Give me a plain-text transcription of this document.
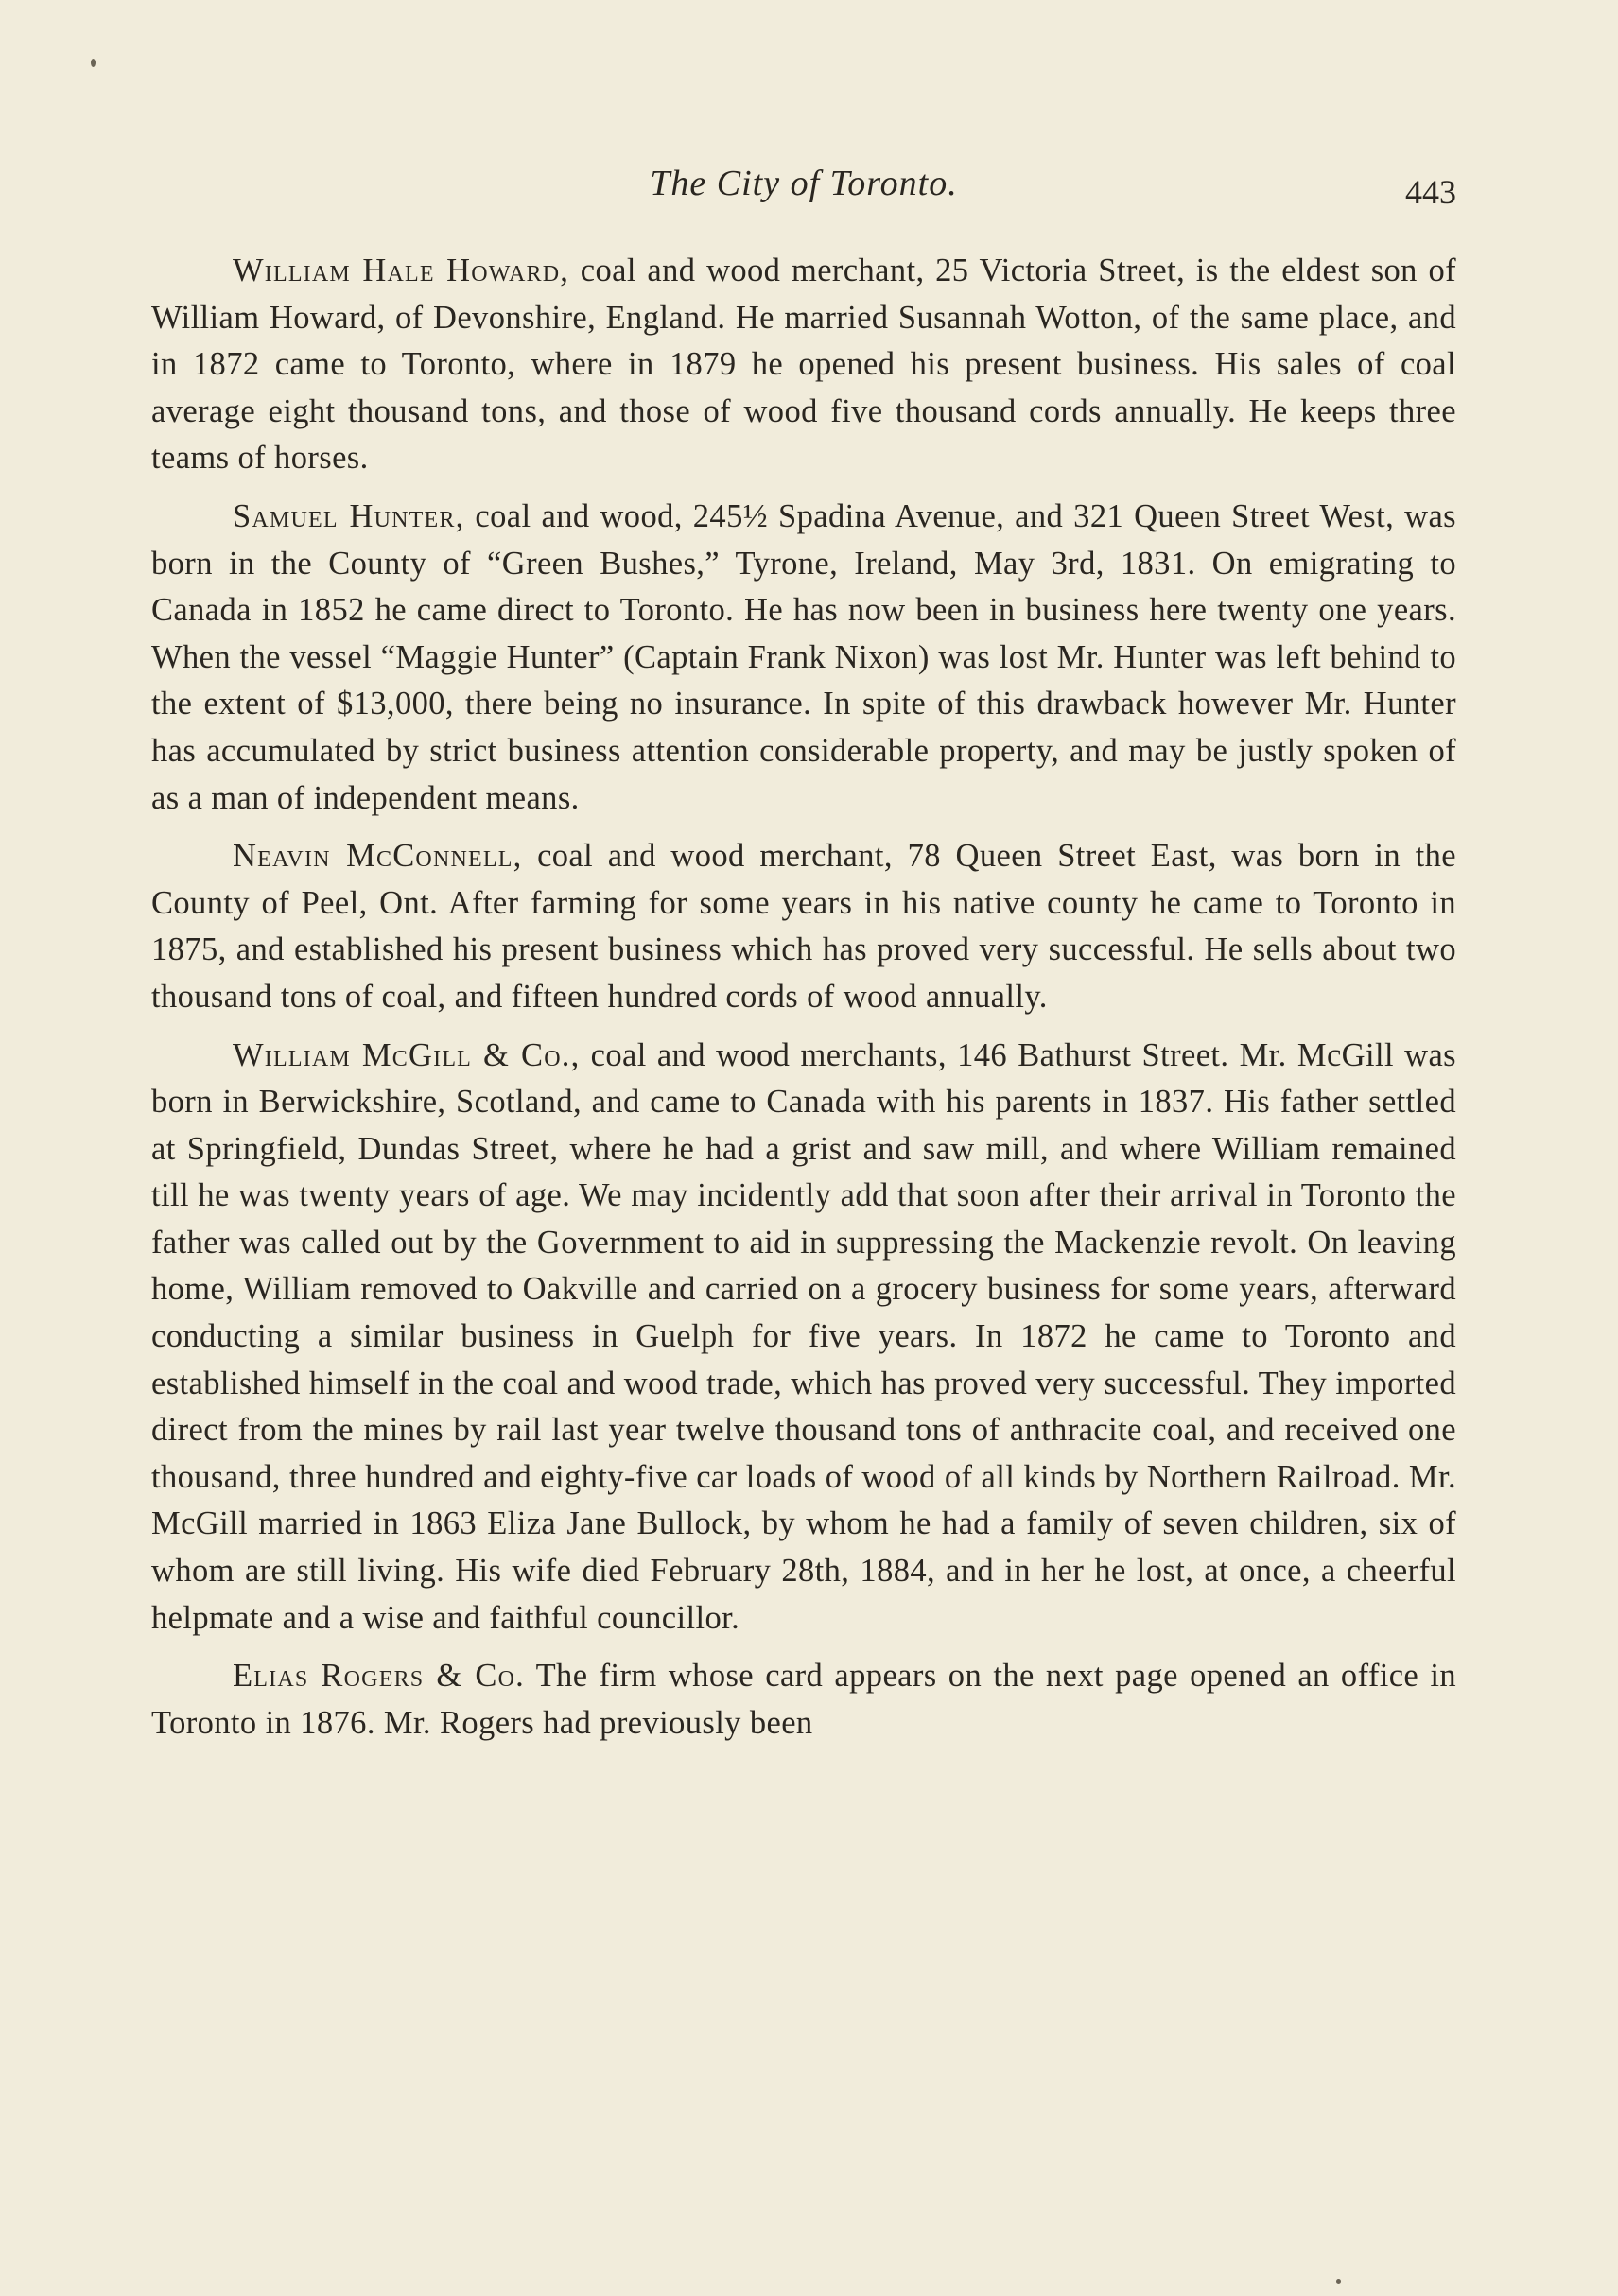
The City of Toronto.	443

William Hale Howard, coal and wood merchant, 25 Victoria Street, is the eldest son of William Howard, of Devonshire, England. He married Susannah Wotton, of the same place, and in 1872 came to Toronto, where in 1879 he opened his present business. His sales of coal average eight thousand tons, and those of wood five thousand cords annually. He keeps three teams of horses.

Samuel Hunter, coal and wood, 245½ Spadina Avenue, and 321 Queen Street West, was born in the County of “Green Bushes,” Tyrone, Ireland, May 3rd, 1831. On emigrating to Canada in 1852 he came direct to Toronto. He has now been in business here twenty one years. When the vessel “Maggie Hunter” (Captain Frank Nixon) was lost Mr. Hunter was left behind to the extent of $13,000, there being no insurance. In spite of this drawback however Mr. Hunter has accumulated by strict business attention considerable property, and may be justly spoken of as a man of independent means.

Neavin McConnell, coal and wood merchant, 78 Queen Street East, was born in the County of Peel, Ont. After farming for some years in his native county he came to Toronto in 1875, and established his present business which has proved very successful. He sells about two thousand tons of coal, and fifteen hundred cords of wood annually.

William McGill & Co., coal and wood merchants, 146 Bathurst Street. Mr. McGill was born in Berwickshire, Scotland, and came to Canada with his parents in 1837. His father settled at Springfield, Dundas Street, where he had a grist and saw mill, and where William remained till he was twenty years of age. We may incidently add that soon after their arrival in Toronto the father was called out by the Government to aid in suppressing the Mackenzie revolt. On leaving home, William removed to Oakville and carried on a grocery business for some years, afterward conducting a similar business in Guelph for five years. In 1872 he came to Toronto and established himself in the coal and wood trade, which has proved very successful. They imported direct from the mines by rail last year twelve thousand tons of anthracite coal, and received one thousand, three hundred and eighty-five car loads of wood of all kinds by Northern Railroad. Mr. McGill married in 1863 Eliza Jane Bullock, by whom he had a family of seven children, six of whom are still living. His wife died February 28th, 1884, and in her he lost, at once, a cheerful helpmate and a wise and faithful councillor.

Elias Rogers & Co. The firm whose card appears on the next page opened an office in Toronto in 1876. Mr. Rogers had previously been
